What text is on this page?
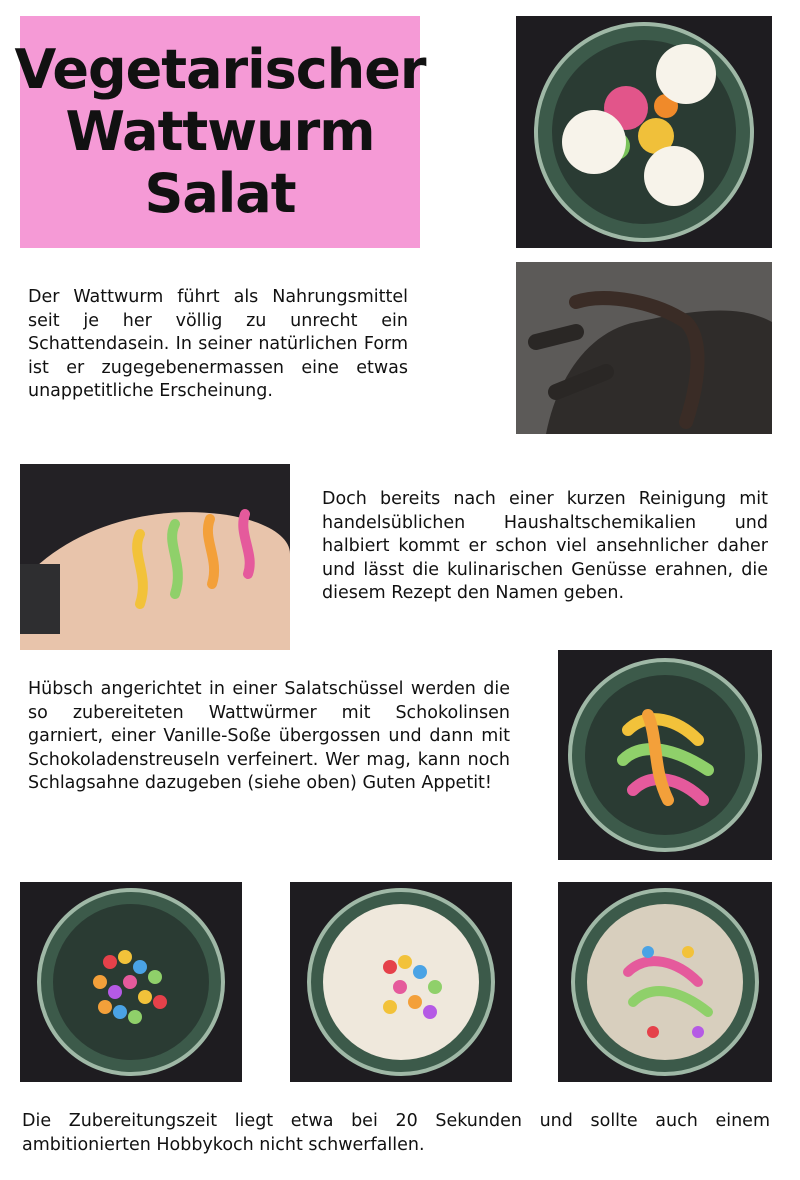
Vegetarischer
Wattwurm
Salat

Der Wattwurm führt als Nahrungsmittel seit je her völlig zu unrecht ein Schattendasein. In seiner natürlichen Form ist er zugegebenermassen eine etwas unappetitliche Erscheinung.

Doch bereits nach einer kurzen Reinigung mit handelsüblichen Haushaltschemikalien und halbiert kommt er schon viel ansehnlicher daher und lässt die kulinarischen Genüsse erahnen, die diesem Rezept den Namen geben.

Hübsch angerichtet in einer Salatschüssel werden die so zubereiteten Wattwürmer mit Schokolinsen garniert, einer Vanille-Soße übergossen und dann mit Schokoladenstreuseln verfeinert. Wer mag, kann noch Schlagsahne dazugeben (siehe oben) Guten Appetit!

Die Zubereitungszeit liegt etwa bei 20 Sekunden und sollte auch einem ambitionierten Hobbykoch nicht schwerfallen.
